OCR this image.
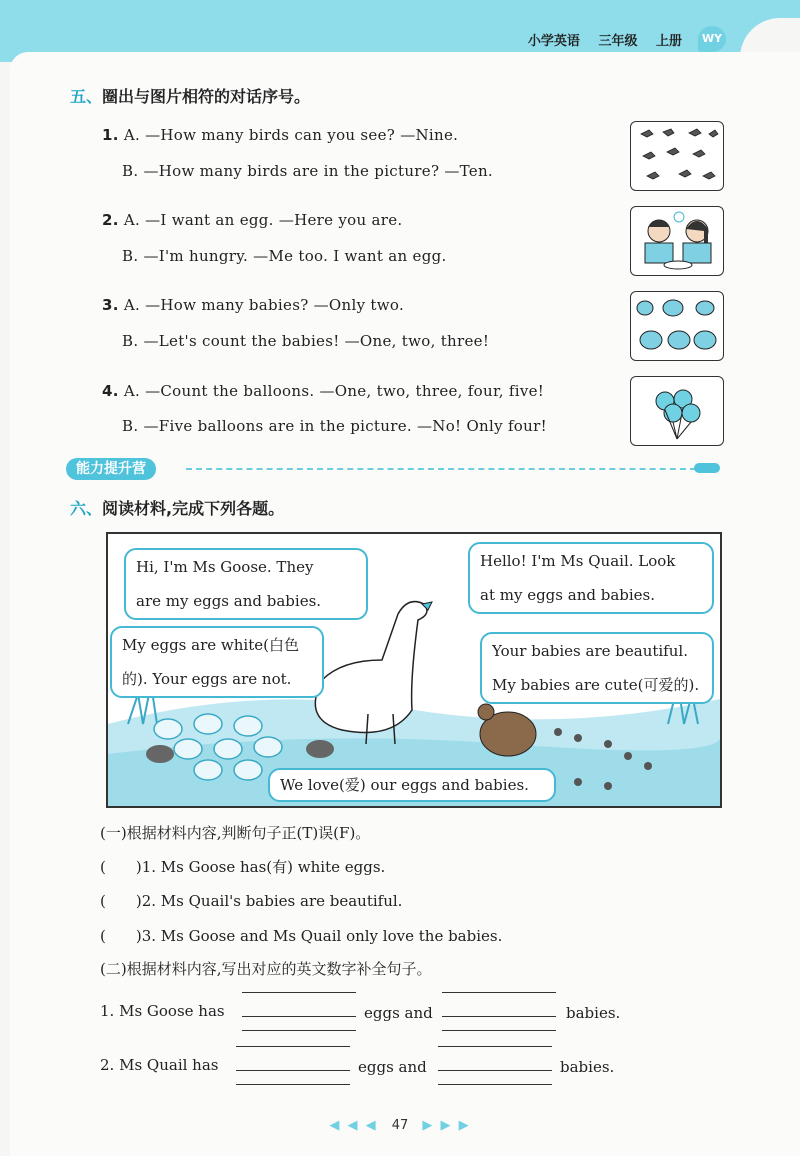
小学英语 三年级 上册	WY
五、圈出与图片相符的对话序号。
1. A. —How many birds can you see? —Nine.
B. —How many birds are in the picture? —Ten.
2. A. —I want an egg. —Here you are.
B. —I'm hungry. —Me too. I want an egg.
3. A. —How many babies? —Only two.
B. —Let's count the babies! —One, two, three!
4. A. —Count the balloons. —One, two, three, four, five!
B. —Five balloons are in the picture. —No! Only four!
能力提升营
六、阅读材料,完成下列各题。
Hi, I'm Ms Goose. They
are my eggs and babies.
My eggs are white(白色
的). Your eggs are not.
Hello! I'm Ms Quail. Look
at my eggs and babies.
Your babies are beautiful.
My babies are cute(可爱的).
We love(爱) our eggs and babies.
(一)根据材料内容,判断句子正(T)误(F)。
(　　)1. Ms Goose has(有) white eggs.
(　　)2. Ms Quail's babies are beautiful.
(　　)3. Ms Goose and Ms Quail only love the babies.
(二)根据材料内容,写出对应的英文数字补全句子。
1. Ms Goose has	eggs and	babies.
2. Ms Quail has	eggs and	babies.
◀ ◀ ◀ 47 ▶ ▶ ▶
